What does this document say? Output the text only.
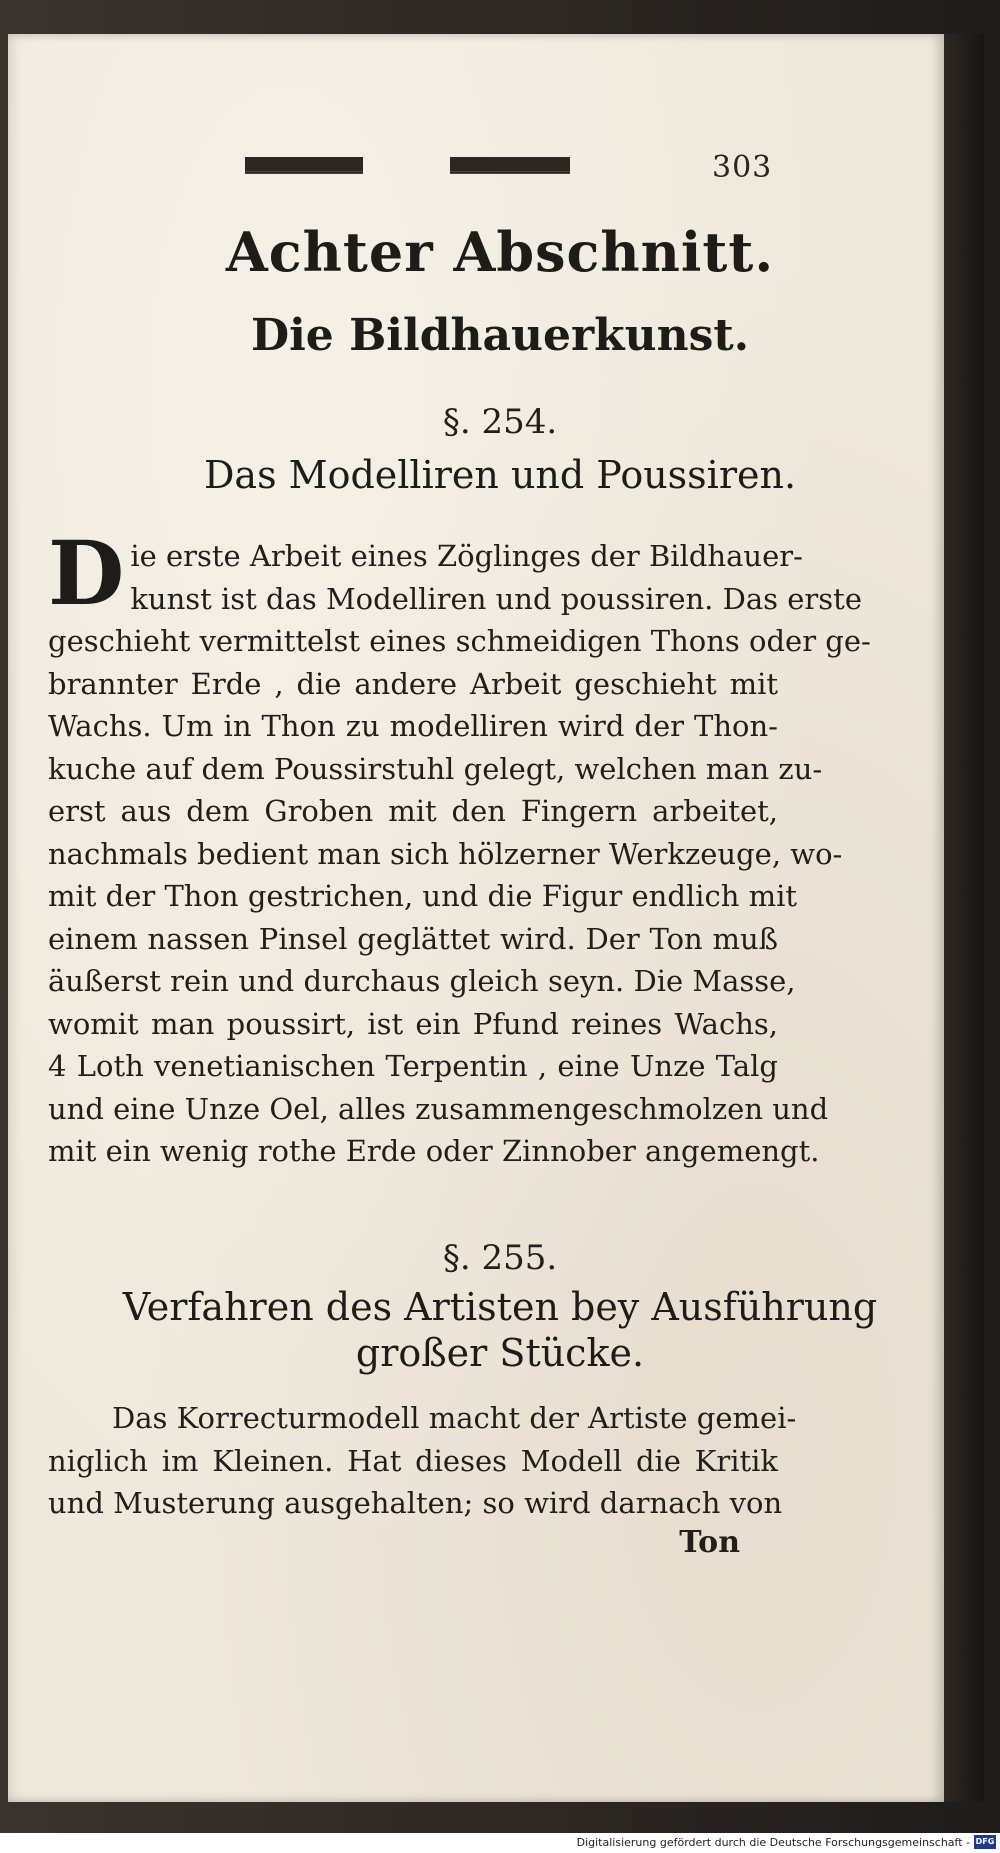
303
Achter Abschnitt.
Die Bildhauerkunst.
§. 254.
Das Modelliren und Poussiren.
D ie erste Arbeit eines Zöglinges der Bildhauer-
kunst ist das Modelliren und poussiren. Das erste
geschieht vermittelst eines schmeidigen Thons oder ge-
brannter Erde , die andere Arbeit geschieht mit
Wachs. Um in Thon zu modelliren wird der Thon-
kuche auf dem Poussirstuhl gelegt, welchen man zu-
erst aus dem Groben mit den Fingern arbeitet,
nachmals bedient man sich hölzerner Werkzeuge, wo-
mit der Thon gestrichen, und die Figur endlich mit
einem nassen Pinsel geglättet wird. Der Ton muß
äußerst rein und durchaus gleich seyn. Die Masse,
womit man poussirt, ist ein Pfund reines Wachs,
4 Loth venetianischen Terpentin , eine Unze Talg
und eine Unze Oel, alles zusammengeschmolzen und
mit ein wenig rothe Erde oder Zinnober angemengt.
§. 255.
Verfahren des Artisten bey Ausführung
großer Stücke.
Das Korrecturmodell macht der Artiste gemei-
niglich im Kleinen. Hat dieses Modell die Kritik
und Musterung ausgehalten; so wird darnach von
Ton
Digitalisierung gefördert durch die Deutsche Forschungsgemeinschaft - DFG
